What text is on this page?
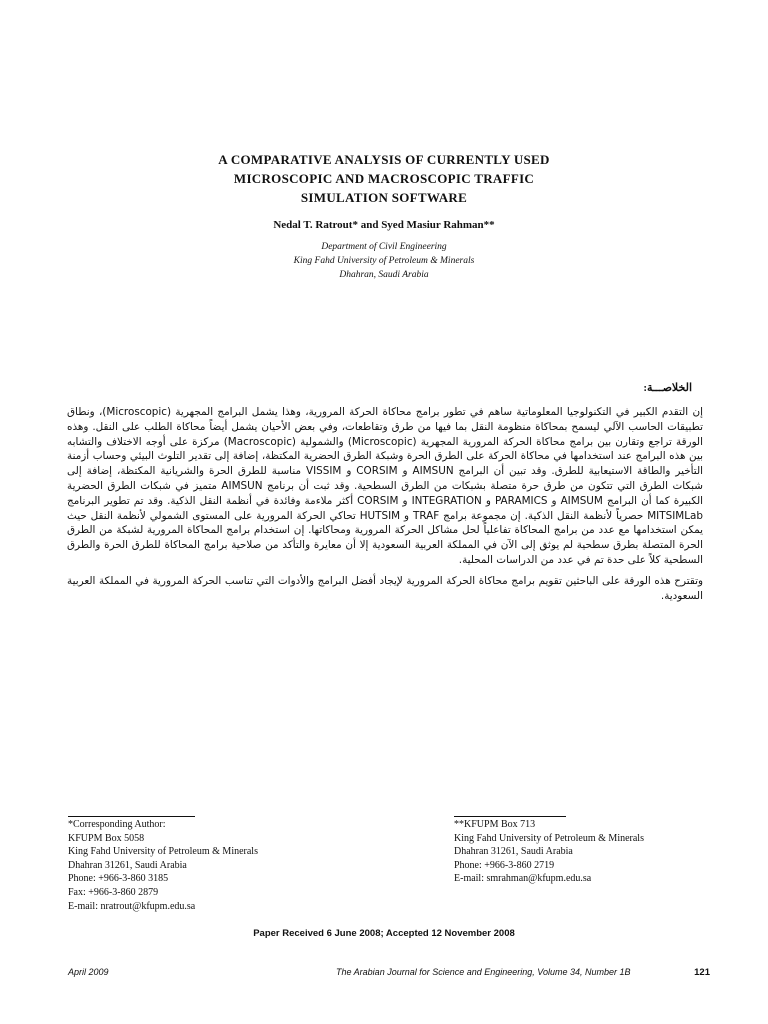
A COMPARATIVE ANALYSIS OF CURRENTLY USED
MICROSCOPIC AND MACROSCOPIC TRAFFIC
SIMULATION SOFTWARE
Nedal T. Ratrout* and Syed Masiur Rahman**
Department of Civil Engineering
King Fahd University of Petroleum & Minerals
Dhahran, Saudi Arabia
الخلاصـــة:

إن التقدم الكبير في التكنولوجيا المعلوماتية ساهم في تطور برامج محاكاة الحركة المرورية، وهذا يشمل البرامج المجهرية (Microscopic)، ونطاق تطبيقات الحاسب الآلي ليسمح بمحاكاة منظومة النقل بما فيها من طرق وتقاطعات، وفي بعض الأحيان يشمل أيضاً محاكاة الطلب على النقل. وهذه الورقة تراجع وتقارن بين برامج محاكاة الحركة المرورية المجهرية (Microscopic) والشمولية (Macroscopic) مركزة على أوجه الاختلاف والتشابه بين هذه البرامج عند استخدامها في محاكاة الحركة على الطرق الحرة وشبكة الطرق الحضرية المكتظة، إضافة إلى تقدير التلوث البيئي وحساب أزمنة التأخير والطاقة الاستيعابية للطرق. وقد تبين أن البرامج AIMSUN و CORSIM و VISSIM مناسبة للطرق الحرة والشريانية المكتظة، إضافة إلى شبكات الطرق التي تتكون من طرق حرة متصلة بشبكات من الطرق السطحية. وقد ثبت أن برنامج AIMSUN متميز في شبكات الطرق الحضرية الكبيرة كما أن البرامج AIMSUM و PARAMICS و INTEGRATION و CORSIM أكثر ملاءمة وفائدة في أنظمة النقل الذكية. وقد تم تطوير البرنامج MITSIMLab حصرياً لأنظمة النقل الذكية. إن مجموعة برامج TRAF و HUTSIM تحاكي الحركة المرورية على المستوى الشمولي لأنظمة النقل حيث يمكن استخدامها مع عدد من برامج المحاكاة تفاعلياً لحل مشاكل الحركة المرورية ومحاكاتها. إن استخدام برامج المحاكاة المرورية لشبكة من الطرق الحرة المتصلة بطرق سطحية لم يوثق إلى الآن في المملكة العربية السعودية إلا أن معايرة والتأكد من صلاحية برامج المحاكاة للطرق الحرة والطرق السطحية كلاً على حدة تم في عدد من الدراسات المحلية.

وتقترح هذه الورقة على الباحثين تقويم برامج محاكاة الحركة المرورية لإيجاد أفضل البرامج والأدوات التي تناسب الحركة المرورية في المملكة العربية السعودية.

*Corresponding Author:
KFUPM Box 5058
King Fahd University of Petroleum & Minerals
Dhahran 31261, Saudi Arabia
Phone: +966-3-860 3185
Fax: +966-3-860 2879
E-mail: nratrout@kfupm.edu.sa
**KFUPM Box 713
King Fahd University of Petroleum & Minerals
Dhahran 31261, Saudi Arabia
Phone: +966-3-860 2719
E-mail: smrahman@kfupm.edu.sa
Paper Received 6 June 2008; Accepted 12 November 2008
April 2009	The Arabian Journal for Science and Engineering, Volume 34, Number 1B	121
